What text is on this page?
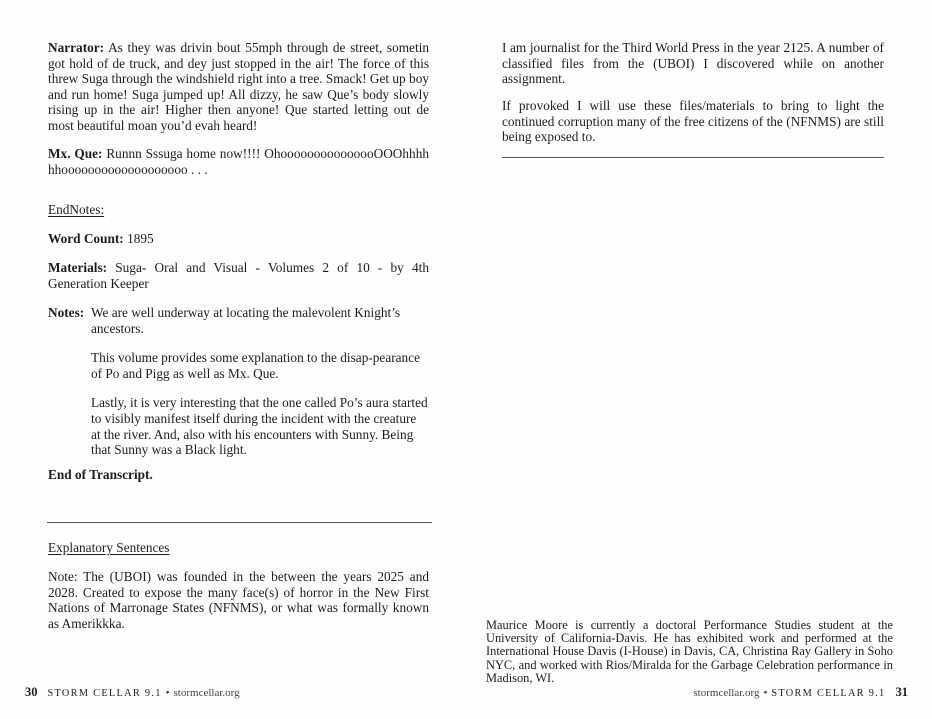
Narrator: As they was drivin bout 55mph through de street, sometin got hold of de truck, and dey just stopped in the air! The force of this threw Suga through the windshield right into a tree. Smack! Get up boy and run home! Suga jumped up! All dizzy, he saw Que’s body slowly rising up in the air! Higher then anyone! Que started letting out de most beautiful moan you’d evah heard!

Mx. Que: Runnn Sssuga home now!!!! OhooooooooooooooOOOhhhhhhooooooooooooooooooo . . .

EndNotes:

Word Count: 1895

Materials: Suga- Oral and Visual - Volumes 2 of 10 - by 4th Generation Keeper

Notes: We are well underway at locating the malevolent Knight’s ancestors.

This volume provides some explanation to the disap-pearance of Po and Pigg as well as Mx. Que.

Lastly, it is very interesting that the one called Po’s aura started to visibly manifest itself during the incident with the creature at the river. And, also with his encounters with Sunny. Being that Sunny was a Black light.

End of Transcript.

Explanatory Sentences

Note: The (UBOI) was founded in the between the years 2025 and 2028. Created to expose the many face(s) of horror in the New First Nations of Marronage States (NFNMS), or what was formally known as Amerikkka.

I am journalist for the Third World Press in the year 2125. A number of classified files from the (UBOI) I discovered while on another assignment.

If provoked I will use these files/materials to bring to light the continued corruption many of the free citizens of the (NFNMS) are still being exposed to.

Maurice Moore is currently a doctoral Performance Studies student at the University of California-Davis. He has exhibited work and performed at the International House Davis (I-House) in Davis, CA, Christina Ray Gallery in Soho NYC, and worked with Rios/Miralda for the Garbage Celebration performance in Madison, WI.

30 STORM CELLAR 9.1 • stormcellar.org	stormcellar.org • STORM CELLAR 9.1 31
